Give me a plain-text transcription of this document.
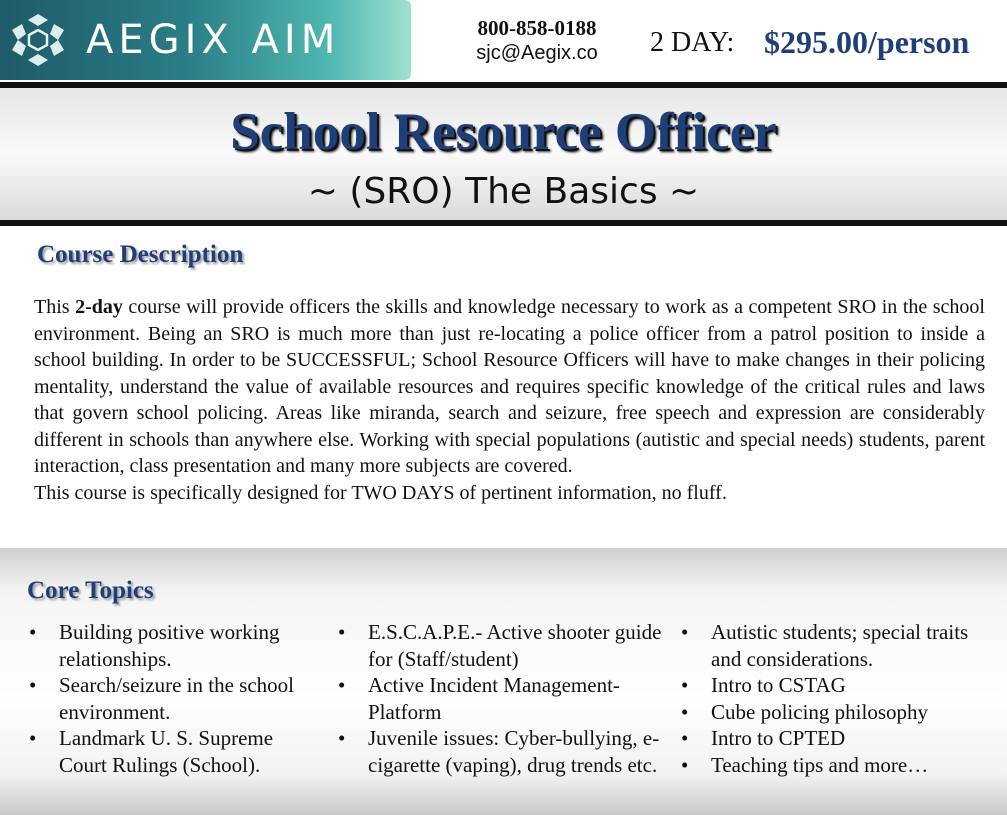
AEGIX AIM	800-858-0188
sjc@Aegix.co	2 DAY: $295.00/person
School Resource Officer
~ (SRO) The Basics ~
Course Description

This 2-day course will provide officers the skills and knowledge necessary to work as a competent SRO in the school environment. Being an SRO is much more than just re-locating a police officer from a patrol position to inside a school building. In order to be SUCCESSFUL; School Resource Officers will have to make changes in their policing mentality, understand the value of available resources and requires specific knowledge of the critical rules and laws that govern school policing. Areas like miranda, search and seizure, free speech and expression are considerably different in schools than anywhere else. Working with special populations (autistic and special needs) students, parent interaction, class presentation and many more subjects are covered.

This course is specifically designed for TWO DAYS of pertinent information, no fluff.

Core Topics
• Building positive working relationships.
• Search/seizure in the school environment.
• Landmark U. S. Supreme Court Rulings (School).
• E.S.C.A.P.E.- Active shooter guide for (Staff/student)
• Active Incident Management- Platform
• Juvenile issues: Cyber-bullying, e-cigarette (vaping), drug trends etc.
• Autistic students; special traits and considerations.
• Intro to CSTAG
• Cube policing philosophy
• Intro to CPTED
• Teaching tips and more…
